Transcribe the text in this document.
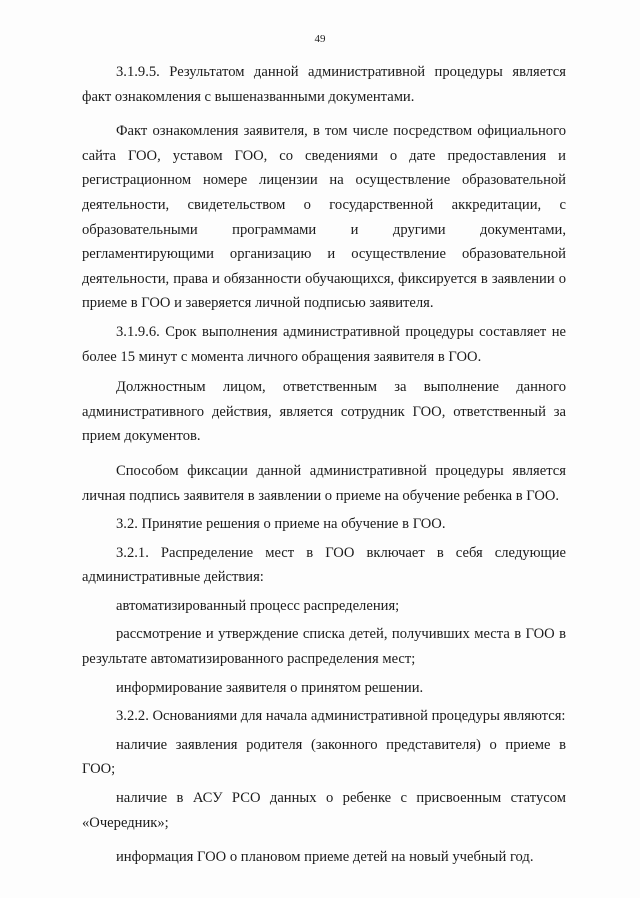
49

3.1.9.5. Результатом данной административной процедуры является факт ознакомления с вышеназванными документами.

Факт ознакомления заявителя, в том числе посредством официального сайта ГОО, уставом ГОО, со сведениями о дате предоставления и регистрационном номере лицензии на осуществление образовательной деятельности, свидетельством о государственной аккредитации, с образовательными программами и другими документами, регламентирующими организацию и осуществление образовательной деятельности, права и обязанности обучающихся, фиксируется в заявлении о приеме в ГОО и заверяется личной подписью заявителя.

3.1.9.6. Срок выполнения административной процедуры составляет не более 15 минут с момента личного обращения заявителя в ГОО.

Должностным лицом, ответственным за выполнение данного административного действия, является сотрудник ГОО, ответственный за прием документов.

Способом фиксации данной административной процедуры является личная подпись заявителя в заявлении о приеме на обучение ребенка в ГОО.

3.2. Принятие решения о приеме на обучение в ГОО.

3.2.1. Распределение мест в ГОО включает в себя следующие административные действия:

автоматизированный процесс распределения;

рассмотрение и утверждение списка детей, получивших места в ГОО в результате автоматизированного распределения мест;

информирование заявителя о принятом решении.

3.2.2. Основаниями для начала административной процедуры являются:

наличие заявления родителя (законного представителя) о приеме в ГОО;

наличие в АСУ РСО данных о ребенке с присвоенным статусом «Очередник»;

информация ГОО о плановом приеме детей на новый учебный год.
